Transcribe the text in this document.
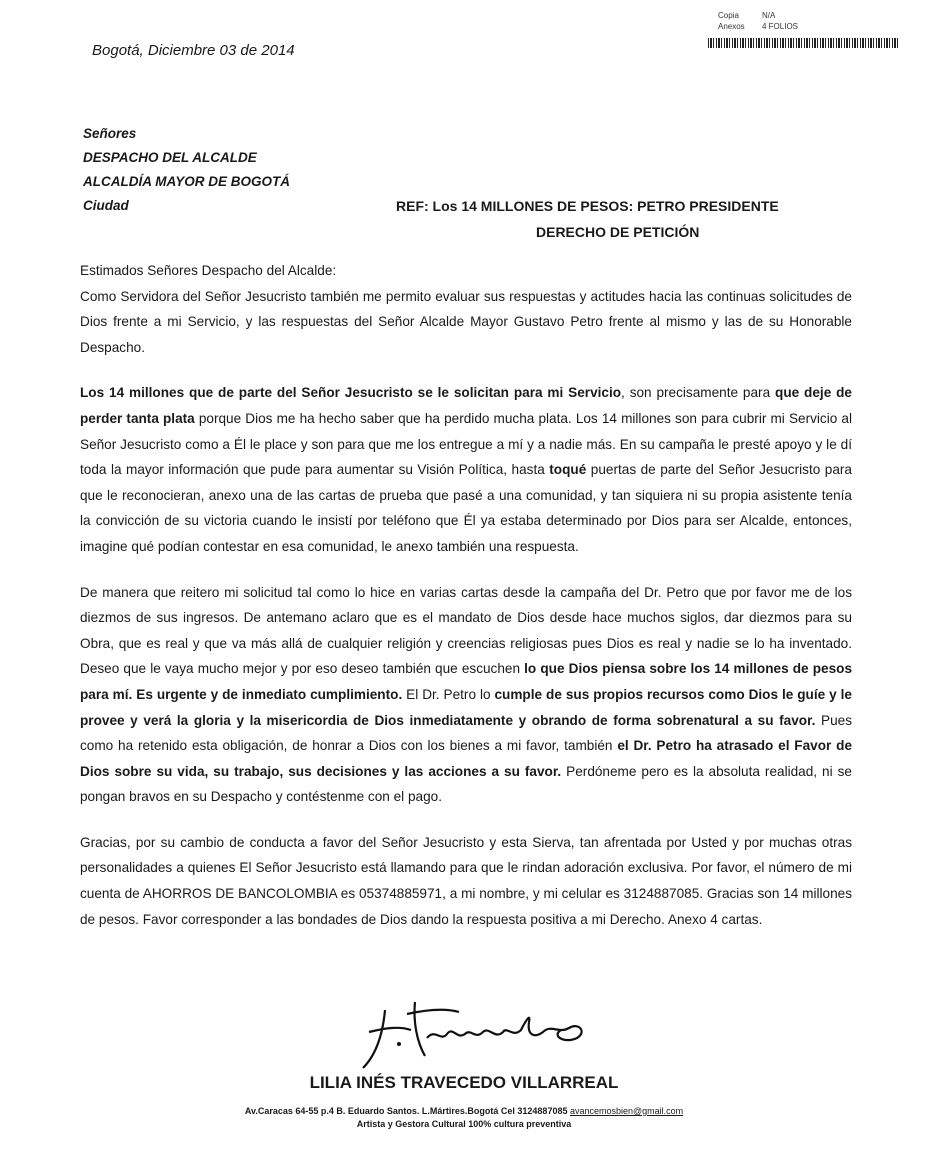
Copia	N/A
Anexos 4 FOLIOS
Bogotá, Diciembre 03 de 2014
Señores
DESPACHO DEL ALCALDE
ALCALDÍA MAYOR DE BOGOTÁ
Ciudad	REF: Los 14 MILLONES DE PESOS: PETRO PRESIDENTE
DERECHO DE PETICIÓN

Estimados Señores Despacho del Alcalde:

Como Servidora del Señor Jesucristo también me permito evaluar sus respuestas y actitudes hacia las continuas solicitudes de Dios frente a mi Servicio, y las respuestas del Señor Alcalde Mayor Gustavo Petro frente al mismo y las de su Honorable Despacho.

Los 14 millones que de parte del Señor Jesucristo se le solicitan para mi Servicio, son precisamente para que deje de perder tanta plata porque Dios me ha hecho saber que ha perdido mucha plata. Los 14 millones son para cubrir mi Servicio al Señor Jesucristo como a Él le place y son para que me los entregue a mí y a nadie más. En su campaña le presté apoyo y le dí toda la mayor información que pude para aumentar su Visión Política, hasta toqué puertas de parte del Señor Jesucristo para que le reconocieran, anexo una de las cartas de prueba que pasé a una comunidad, y tan siquiera ni su propia asistente tenía la convicción de su victoria cuando le insistí por teléfono que Él ya estaba determinado por Dios para ser Alcalde, entonces, imagine qué podían contestar en esa comunidad, le anexo también una respuesta.

De manera que reitero mi solicitud tal como lo hice en varias cartas desde la campaña del Dr. Petro que por favor me de los diezmos de sus ingresos. De antemano aclaro que es el mandato de Dios desde hace muchos siglos, dar diezmos para su Obra, que es real y que va más allá de cualquier religión y creencias religiosas pues Dios es real y nadie se lo ha inventado. Deseo que le vaya mucho mejor y por eso deseo también que escuchen lo que Dios piensa sobre los 14 millones de pesos para mí. Es urgente y de inmediato cumplimiento. El Dr. Petro lo cumple de sus propios recursos como Dios le guíe y le provee y verá la gloria y la misericordia de Dios inmediatamente y obrando de forma sobrenatural a su favor. Pues como ha retenido esta obligación, de honrar a Dios con los bienes a mi favor, también el Dr. Petro ha atrasado el Favor de Dios sobre su vida, su trabajo, sus decisiones y las acciones a su favor. Perdóneme pero es la absoluta realidad, ni se pongan bravos en su Despacho y contéstenme con el pago.

Gracias, por su cambio de conducta a favor del Señor Jesucristo y esta Sierva, tan afrentada por Usted y por muchas otras personalidades a quienes El Señor Jesucristo está llamando para que le rindan adoración exclusiva. Por favor, el número de mi cuenta de AHORROS DE BANCOLOMBIA es 05374885971, a mi nombre, y mi celular es 3124887085. Gracias son 14 millones de pesos. Favor corresponder a las bondades de Dios dando la respuesta positiva a mi Derecho. Anexo 4 cartas.

LILIA INÉS TRAVECEDO VILLARREAL
Av.Caracas 64-55 p.4 B. Eduardo Santos. L.Mártires.Bogotá Cel 3124887085 avancemosbien@gmail.com
Artista y Gestora Cultural 100% cultura preventiva
